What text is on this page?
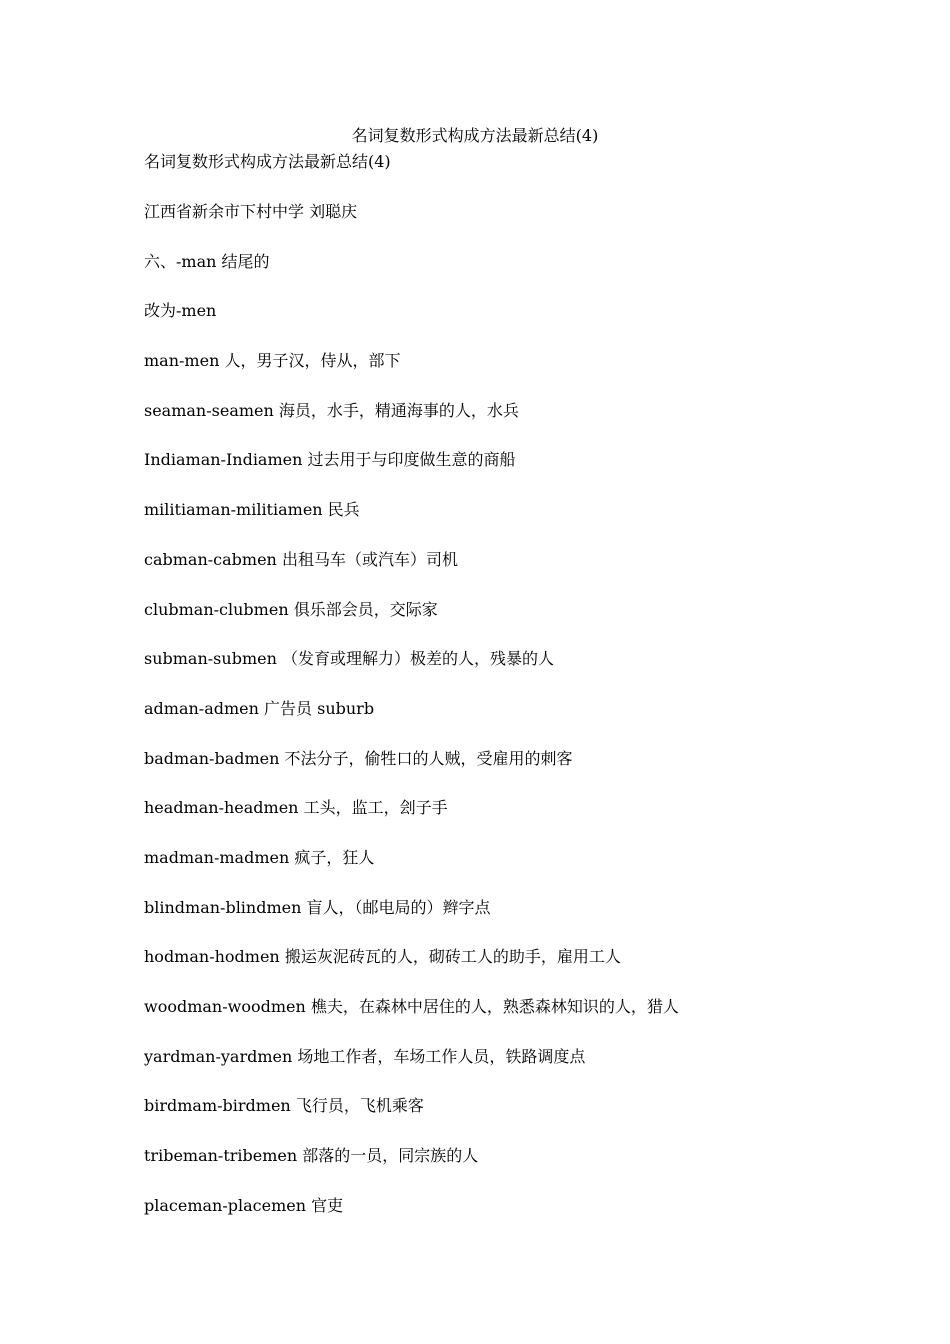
名词复数形式构成方法最新总结(4)

名词复数形式构成方法最新总结(4)

江西省新余市下村中学 刘聪庆

六、-man 结尾的

改为-men

man-men 人，男子汉，侍从，部下

seaman-seamen 海员，水手，精通海事的人，水兵

Indiaman-Indiamen 过去用于与印度做生意的商船

militiaman-militiamen 民兵

cabman-cabmen 出租马车（或汽车）司机

clubman-clubmen 俱乐部会员，交际家

subman-submen （发育或理解力）极差的人，残暴的人

adman-admen 广告员 suburb

badman-badmen 不法分子，偷牲口的人贼，受雇用的刺客

headman-headmen 工头，监工，刽子手

madman-madmen 疯子，狂人

blindman-blindmen 盲人，（邮电局的）辫字点

hodman-hodmen 搬运灰泥砖瓦的人，砌砖工人的助手，雇用工人

woodman-woodmen 樵夫，在森林中居住的人，熟悉森林知识的人，猎人

yardman-yardmen 场地工作者，车场工作人员，铁路调度点

birdmam-birdmen 飞行员，飞机乘客

tribeman-tribemen 部落的一员，同宗族的人

placeman-placemen 官吏
